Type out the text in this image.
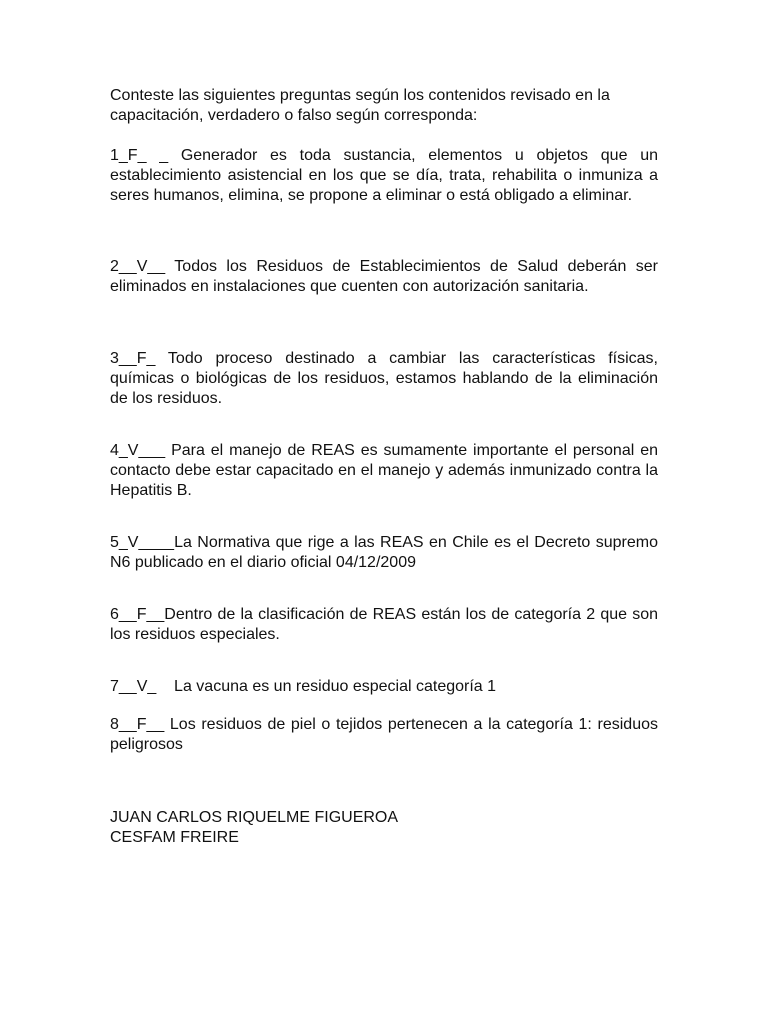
Conteste las siguientes preguntas según los contenidos revisado en la capacitación, verdadero o falso según corresponda:

1_F_ _ Generador es toda sustancia, elementos u objetos que un establecimiento asistencial en los que se día, trata, rehabilita o inmuniza a seres humanos, elimina, se propone a eliminar o está obligado a eliminar.

2__V__ Todos los Residuos de Establecimientos de Salud deberán ser eliminados en instalaciones que cuenten con autorización sanitaria.

3__F_ Todo proceso destinado a cambiar las características físicas, químicas o biológicas de los residuos, estamos hablando de la eliminación de los residuos.

4_V___ Para el manejo de REAS es sumamente importante el personal en contacto debe estar capacitado en el manejo y además inmunizado contra la Hepatitis B.

5_V____La Normativa que rige a las REAS en Chile es el Decreto supremo N6 publicado en el diario oficial 04/12/2009

6__F__Dentro de la clasificación de REAS están los de categoría 2 que son los residuos especiales.

7__V_    La vacuna es un residuo especial categoría 1

8__F__ Los residuos de piel o tejidos pertenecen a la categoría 1: residuos peligrosos

JUAN CARLOS RIQUELME FIGUEROA
CESFAM FREIRE
